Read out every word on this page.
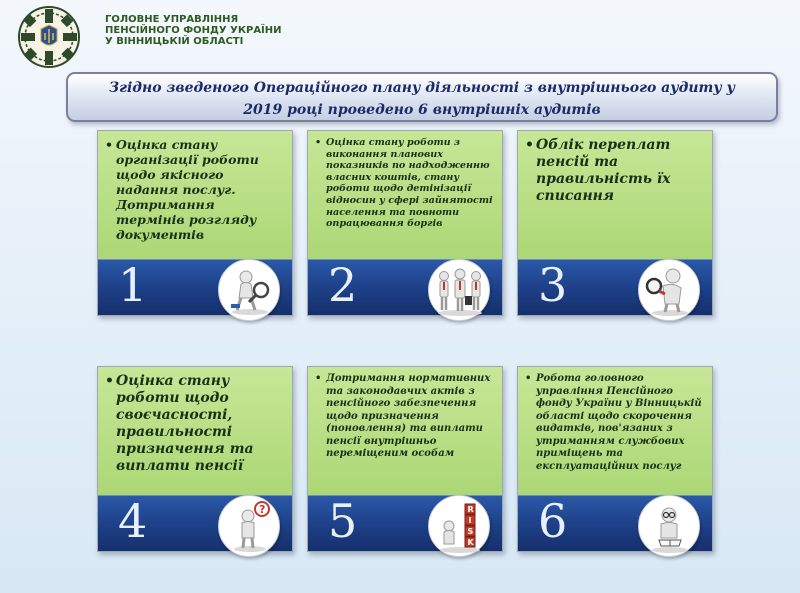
ГОЛОВНЕ УПРАВЛІННЯ
ПЕНСІЙНОГО ФОНДУ УКРАЇНИ
У ВІННИЦЬКІЙ ОБЛАСТІ
Згідно зведеного Операційного плану діяльності з внутрішнього аудиту у
2019 році проведено 6 внутрішніх аудитів
• Оцінка стану організації роботи щодо якісного надання послуг. Дотримання термінів розгляду документів
1
• Оцінка стану роботи з виконання планових показників по надходженню власних коштів, стану роботи щодо детінізації відносин у сфері зайнятості населення та повноти опрацювання боргів
2
• Облік переплат пенсій та правильність їх списання
3
• Оцінка стану роботи щодо своєчасності, правильності призначення та виплати пенсії
4	?
• Дотримання нормативних та законодавчих актів з пенсійного забезпечення щодо призначення (поновлення) та виплати пенсії внутрішньо переміщеним особам
5	R
I
S
K
• Робота головного управління Пенсійного фонду України у Вінницькій області щодо скорочення видатків, пов'язаних з утриманням службових приміщень та експлуатаційних послуг
6
